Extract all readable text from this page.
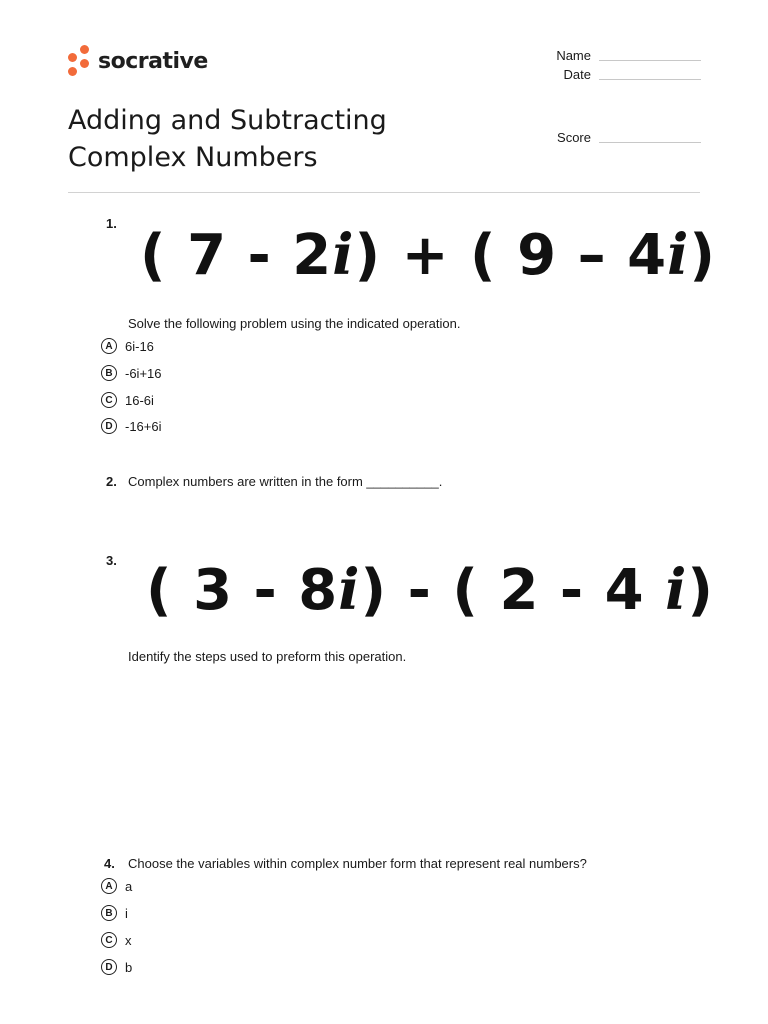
socrative
Adding and Subtracting
Complex Numbers
Name
Date
Score
1. ( 7 - 2i) + ( 9 – 4i)
Solve the following problem using the indicated operation.
A 6i-16
B -6i+16
C 16-6i
D -16+6i
2. Complex numbers are written in the form __________.
3. ( 3 - 8i) - ( 2 - 4 i)
Identify the steps used to preform this operation.
4. Choose the variables within complex number form that represent real numbers?
A a
B i
C x
D b
